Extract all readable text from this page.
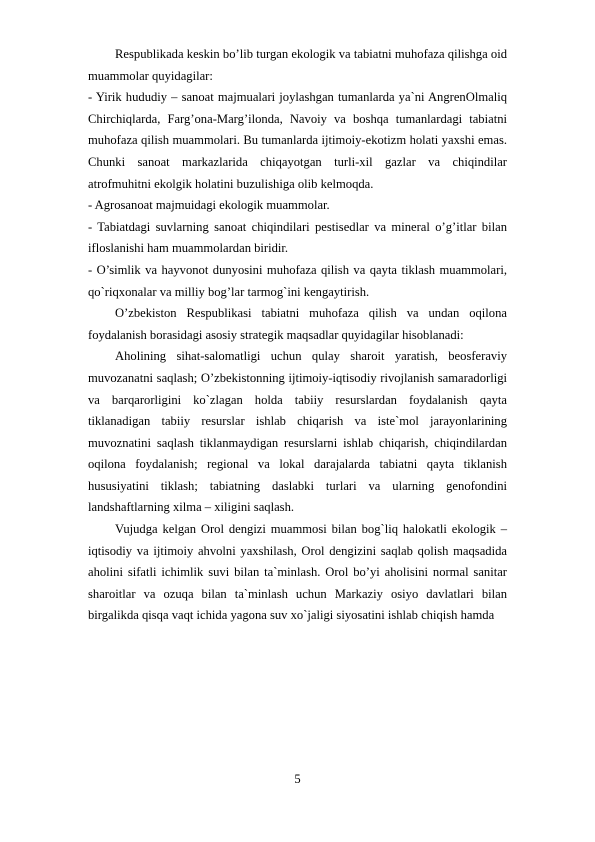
Respublikada keskin bo’lib turgan ekologik va tabiatni muhofaza qilishga oid muammolar quyidagilar:

- Yirik hududiy – sanoat majmualari joylashgan tumanlarda ya`ni AngrenOlmaliq Chirchiqlarda, Farg’ona-Marg’ilonda, Navoiy va boshqa tumanlardagi tabiatni muhofaza qilish muammolari. Bu tumanlarda ijtimoiy-ekotizm holati yaxshi emas. Chunki sanoat markazlarida chiqayotgan turli-xil gazlar va chiqindilar atrofmuhitni ekolgik holatini buzulishiga olib kelmoqda.

- Agrosanoat majmuidagi ekologik muammolar.

- Tabiatdagi suvlarning sanoat chiqindilari pestisedlar va mineral o’g’itlar bilan ifloslanishi ham muammolardan biridir.

- O’simlik va hayvonot dunyosini muhofaza qilish va qayta tiklash muammolari, qo`riqxonalar va milliy bog’lar tarmog`ini kengaytirish.

O’zbekiston Respublikasi tabiatni muhofaza qilish va undan oqilona foydalanish borasidagi asosiy strategik maqsadlar quyidagilar hisoblanadi:

Aholining sihat-salomatligi uchun qulay sharoit yaratish, beosferaviy muvozanatni saqlash; O’zbekistonning ijtimoiy-iqtisodiy rivojlanish samaradorligi va barqarorligini ko`zlagan holda tabiiy resurslardan foydalanish qayta tiklanadigan tabiiy resurslar ishlab chiqarish va iste`mol jarayonlarining muvoznatini saqlash tiklanmaydigan resurslarni ishlab chiqarish, chiqindilardan oqilona foydalanish; regional va lokal darajalarda tabiatni qayta tiklanish hususiyatini tiklash; tabiatning daslabki turlari va ularning genofondini landshaftlarning xilma – xiligini saqlash.

Vujudga kelgan Orol dengizi muammosi bilan bog`liq halokatli ekologik – iqtisodiy va ijtimoiy ahvolni yaxshilash, Orol dengizini saqlab qolish maqsadida aholini sifatli ichimlik suvi bilan ta`minlash. Orol bo’yi aholisini normal sanitar sharoitlar va ozuqa bilan ta`minlash uchun Markaziy osiyo davlatlari bilan birgalikda qisqa vaqt ichida yagona suv xo`jaligi siyosatini ishlab chiqish hamda

5
